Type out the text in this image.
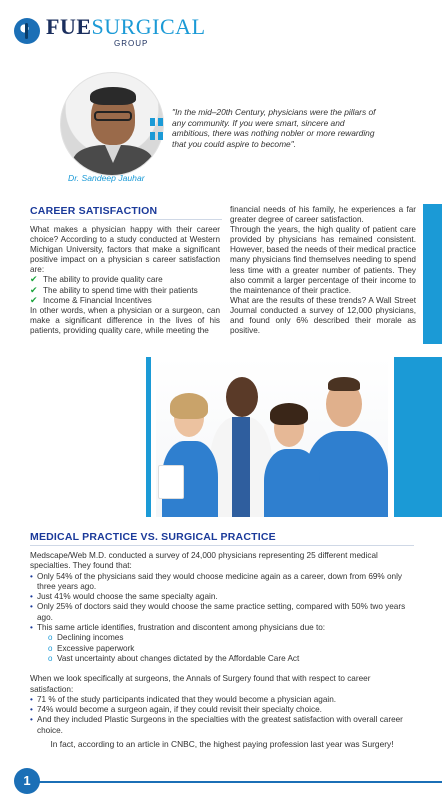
FUESURGICAL
GROUP
"In the mid–20th Century, physicians were the pillars of any community. If you were smart, sincere and ambitious, there was nothing nobler or more rewarding that you could aspire to become".
Dr. Sandeep Jauhar
CAREER SATISFACTION

What makes a physician happy with their career choice? According to a study conducted at Western Michigan University, factors that make a significant positive impact on a physician s career satisfaction are:

✔ The ability to provide quality care
✔ The ability to spend time with their patients
✔ Income & Financial Incentives

In other words, when a physician or a surgeon, can make a significant difference in the lives of his patients, providing quality care, while meeting the

financial needs of his family, he experiences a far greater degree of career satisfaction.

Through the years, the high quality of patient care provided by physicians has remained consistent. However, based the needs of their medical practice many physicians find themselves needing to spend less time with a greater number of patients. They also commit a larger percentage of their income to the maintenance of their practice.

What are the results of these trends? A Wall Street Journal conducted a survey of 12,000 physicians, and found only 6% described their morale as positive.

MEDICAL PRACTICE VS. SURGICAL PRACTICE

Medscape/Web M.D. conducted a survey of 24,000 physicians representing 25 different medical specialties. They found that:

• Only 54% of the physicians said they would choose medicine again as a career, down from 69% only three years ago.
• Just 41% would choose the same specialty again.
• Only 25% of doctors said they would choose the same practice setting, compared with 50% two years ago.
• This same article identifies, frustration and discontent among physicians due to:
o Declining incomes
o Excessive paperwork
o Vast uncertainty about changes dictated by the Affordable Care Act

When we look specifically at surgeons, the Annals of Surgery found that with respect to career satisfaction:

• 71 % of the study participants indicated that they would become a physician again.
• 74% would become a surgeon again, if they could revisit their specialty choice.
• And they included Plastic Surgeons in the specialties with the greatest satisfaction with overall career choice.
In fact, according to an article in CNBC, the highest paying profession last year was Surgery!
1
